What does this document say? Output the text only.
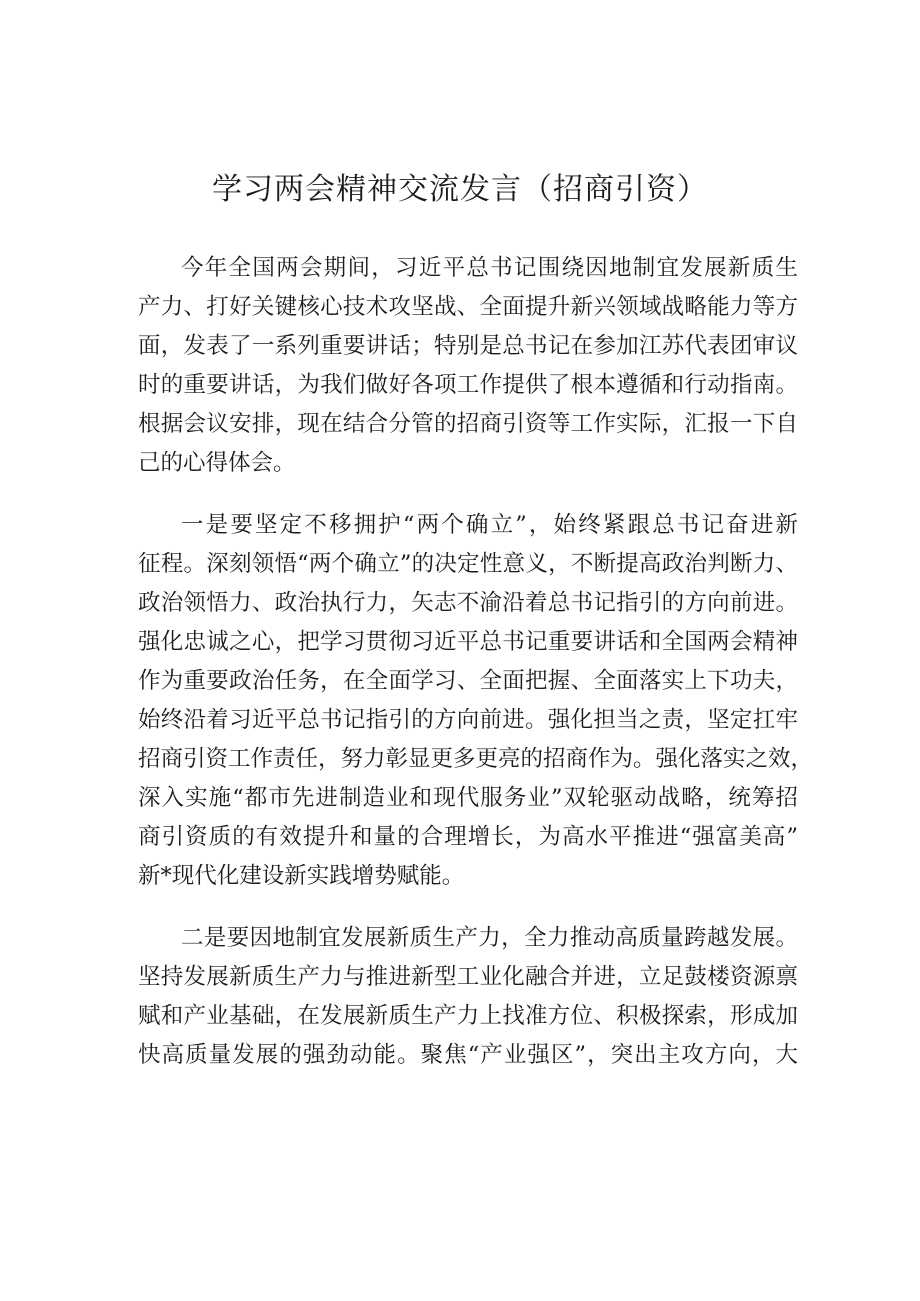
学习两会精神交流发言（招商引资）
今年全国两会期间，习近平总书记围绕因地制宜发展新质生
产力、打好关键核心技术攻坚战、全面提升新兴领域战略能力等方
面，发表了一系列重要讲话；特别是总书记在参加江苏代表团审议
时的重要讲话，为我们做好各项工作提供了根本遵循和行动指南。
根据会议安排，现在结合分管的招商引资等工作实际，汇报一下自
己的心得体会。
一是要坚定不移拥护“两个确立”，始终紧跟总书记奋进新
征程。深刻领悟“两个确立”的决定性意义，不断提高政治判断力、
政治领悟力、政治执行力，矢志不渝沿着总书记指引的方向前进。
强化忠诚之心，把学习贯彻习近平总书记重要讲话和全国两会精神
作为重要政治任务，在全面学习、全面把握、全面落实上下功夫，
始终沿着习近平总书记指引的方向前进。强化担当之责，坚定扛牢
招商引资工作责任，努力彰显更多更亮的招商作为。强化落实之效，
深入实施“都市先进制造业和现代服务业”双轮驱动战略，统筹招
商引资质的有效提升和量的合理增长，为高水平推进“强富美高”
新*现代化建设新实践增势赋能。
二是要因地制宜发展新质生产力，全力推动高质量跨越发展。
坚持发展新质生产力与推进新型工业化融合并进，立足鼓楼资源禀
赋和产业基础，在发展新质生产力上找准方位、积极探索，形成加
快高质量发展的强劲动能。聚焦“产业强区”，突出主攻方向，大
